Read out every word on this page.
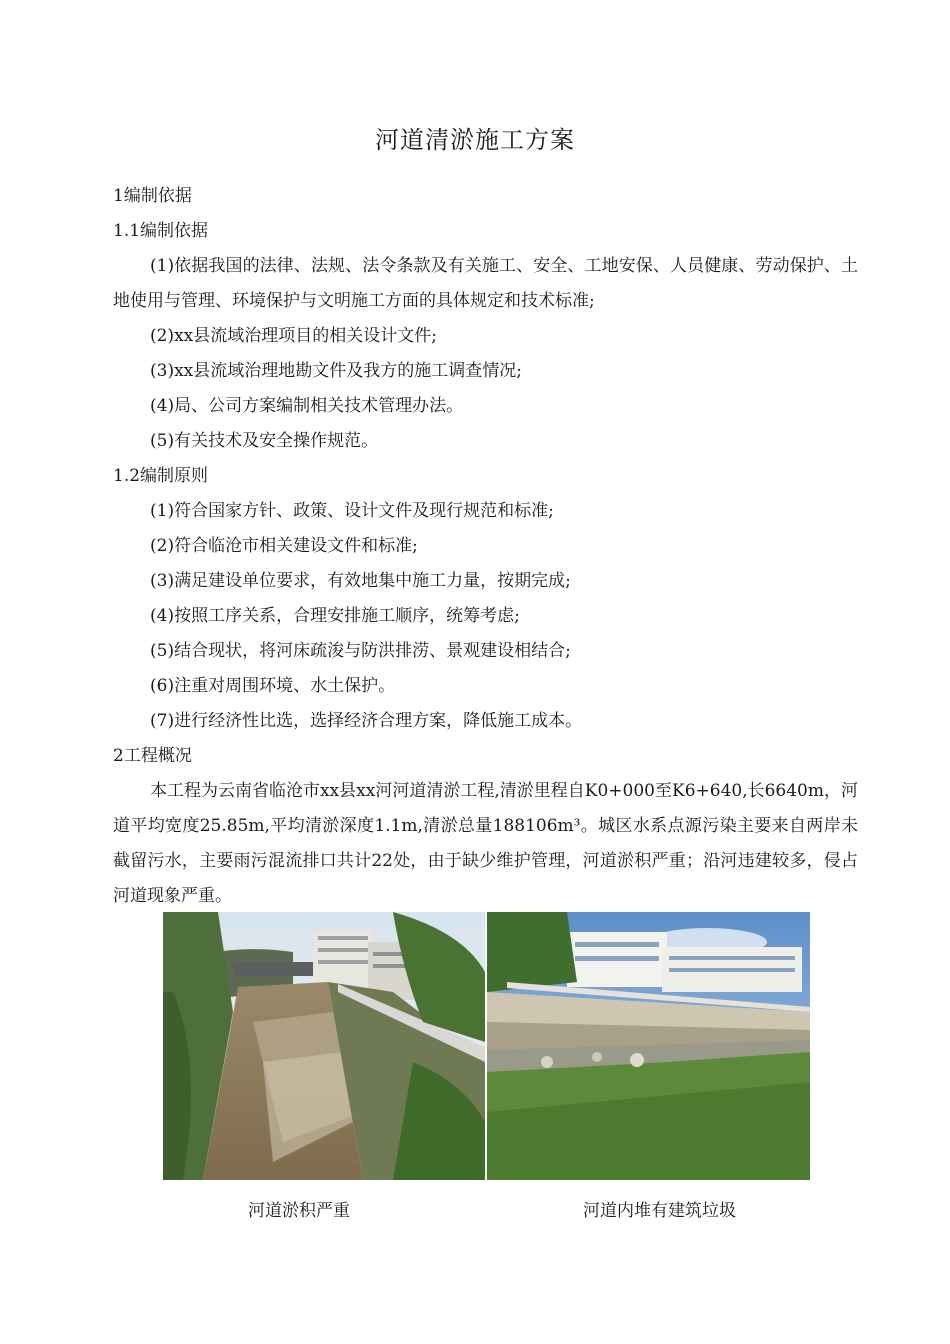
河道清淤施工方案
1编制依据
1.1编制依据
(1)依据我国的法律、法规、法令条款及有关施工、安全、工地安保、人员健康、劳动保护、土地使用与管理、环境保护与文明施工方面的具体规定和技术标准;
(2)xx县流域治理项目的相关设计文件;
(3)xx县流域治理地勘文件及我方的施工调查情况;
(4)局、公司方案编制相关技术管理办法。
(5)有关技术及安全操作规范。
1.2编制原则
(1)符合国家方针、政策、设计文件及现行规范和标准;
(2)符合临沧市相关建设文件和标准;
(3)满足建设单位要求，有效地集中施工力量，按期完成;
(4)按照工序关系，合理安排施工顺序，统筹考虑;
(5)结合现状，将河床疏浚与防洪排涝、景观建设相结合;
(6)注重对周围环境、水土保护。
(7)进行经济性比选，选择经济合理方案，降低施工成本。
2工程概况
本工程为云南省临沧市xx县xx河河道清淤工程,清淤里程自K0+000至K6+640,长6640m，河道平均宽度25.85m,平均清淤深度1.1m,清淤总量188106m³。城区水系点源污染主要来自两岸未截留污水，主要雨污混流排口共计22处，由于缺少维护管理，河道淤积严重；沿河违建较多，侵占河道现象严重。
河道淤积严重	河道内堆有建筑垃圾
